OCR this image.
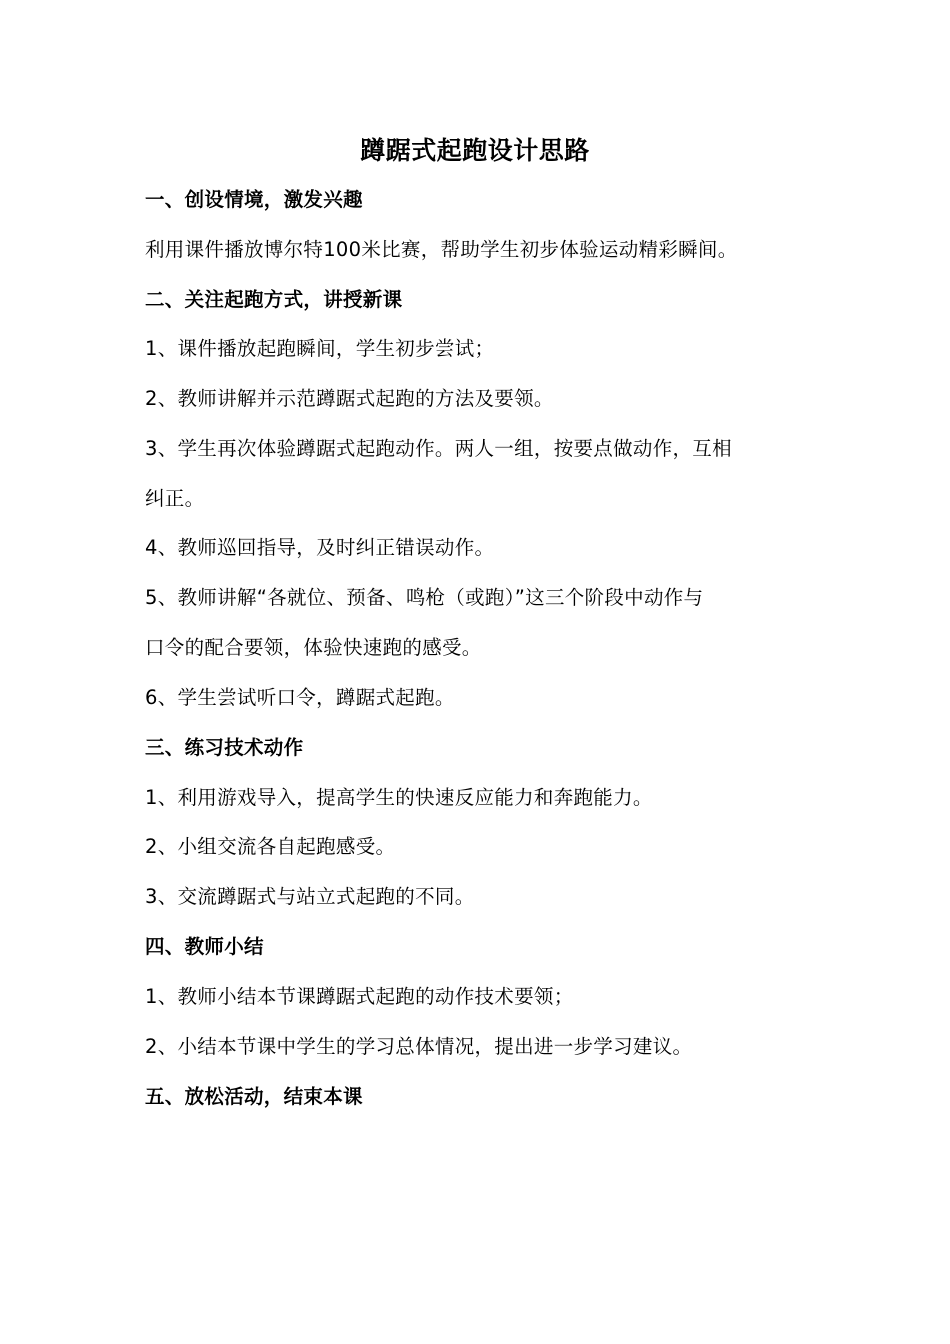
蹲踞式起跑设计思路
一、创设情境，激发兴趣
利用课件播放博尔特100米比赛，帮助学生初步体验运动精彩瞬间。
二、关注起跑方式，讲授新课
1、课件播放起跑瞬间，学生初步尝试；
2、教师讲解并示范蹲踞式起跑的方法及要领。
3、学生再次体验蹲踞式起跑动作。两人一组，按要点做动作，互相
纠正。
4、教师巡回指导，及时纠正错误动作。
5、教师讲解“各就位、预备、鸣枪（或跑）”这三个阶段中动作与
口令的配合要领，体验快速跑的感受。
6、学生尝试听口令，蹲踞式起跑。
三、练习技术动作
1、利用游戏导入，提高学生的快速反应能力和奔跑能力。
2、小组交流各自起跑感受。
3、交流蹲踞式与站立式起跑的不同。
四、教师小结
1、教师小结本节课蹲踞式起跑的动作技术要领；
2、小结本节课中学生的学习总体情况，提出进一步学习建议。
五、放松活动，结束本课
